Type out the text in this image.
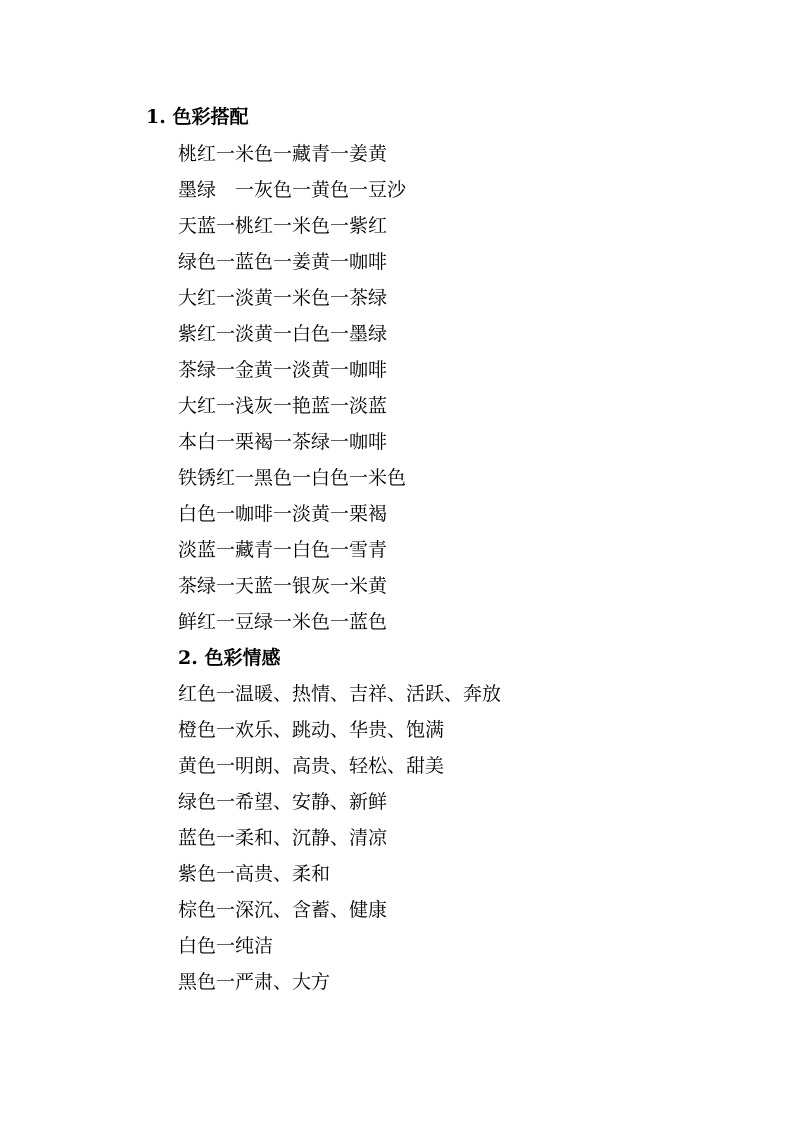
1. 色彩搭配
桃红一米色一藏青一姜黄
墨绿　一灰色一黄色一豆沙
天蓝一桃红一米色一紫红
绿色一蓝色一姜黄一咖啡
大红一淡黄一米色一茶绿
紫红一淡黄一白色一墨绿
茶绿一金黄一淡黄一咖啡
大红一浅灰一艳蓝一淡蓝
本白一栗褐一茶绿一咖啡
铁锈红一黑色一白色一米色
白色一咖啡一淡黄一栗褐
淡蓝一藏青一白色一雪青
茶绿一天蓝一银灰一米黄
鲜红一豆绿一米色一蓝色
2. 色彩情感
红色一温暖、热情、吉祥、活跃、奔放
橙色一欢乐、跳动、华贵、饱满
黄色一明朗、高贵、轻松、甜美
绿色一希望、安静、新鲜
蓝色一柔和、沉静、清凉
紫色一高贵、柔和
棕色一深沉、含蓄、健康
白色一纯洁
黑色一严肃、大方
